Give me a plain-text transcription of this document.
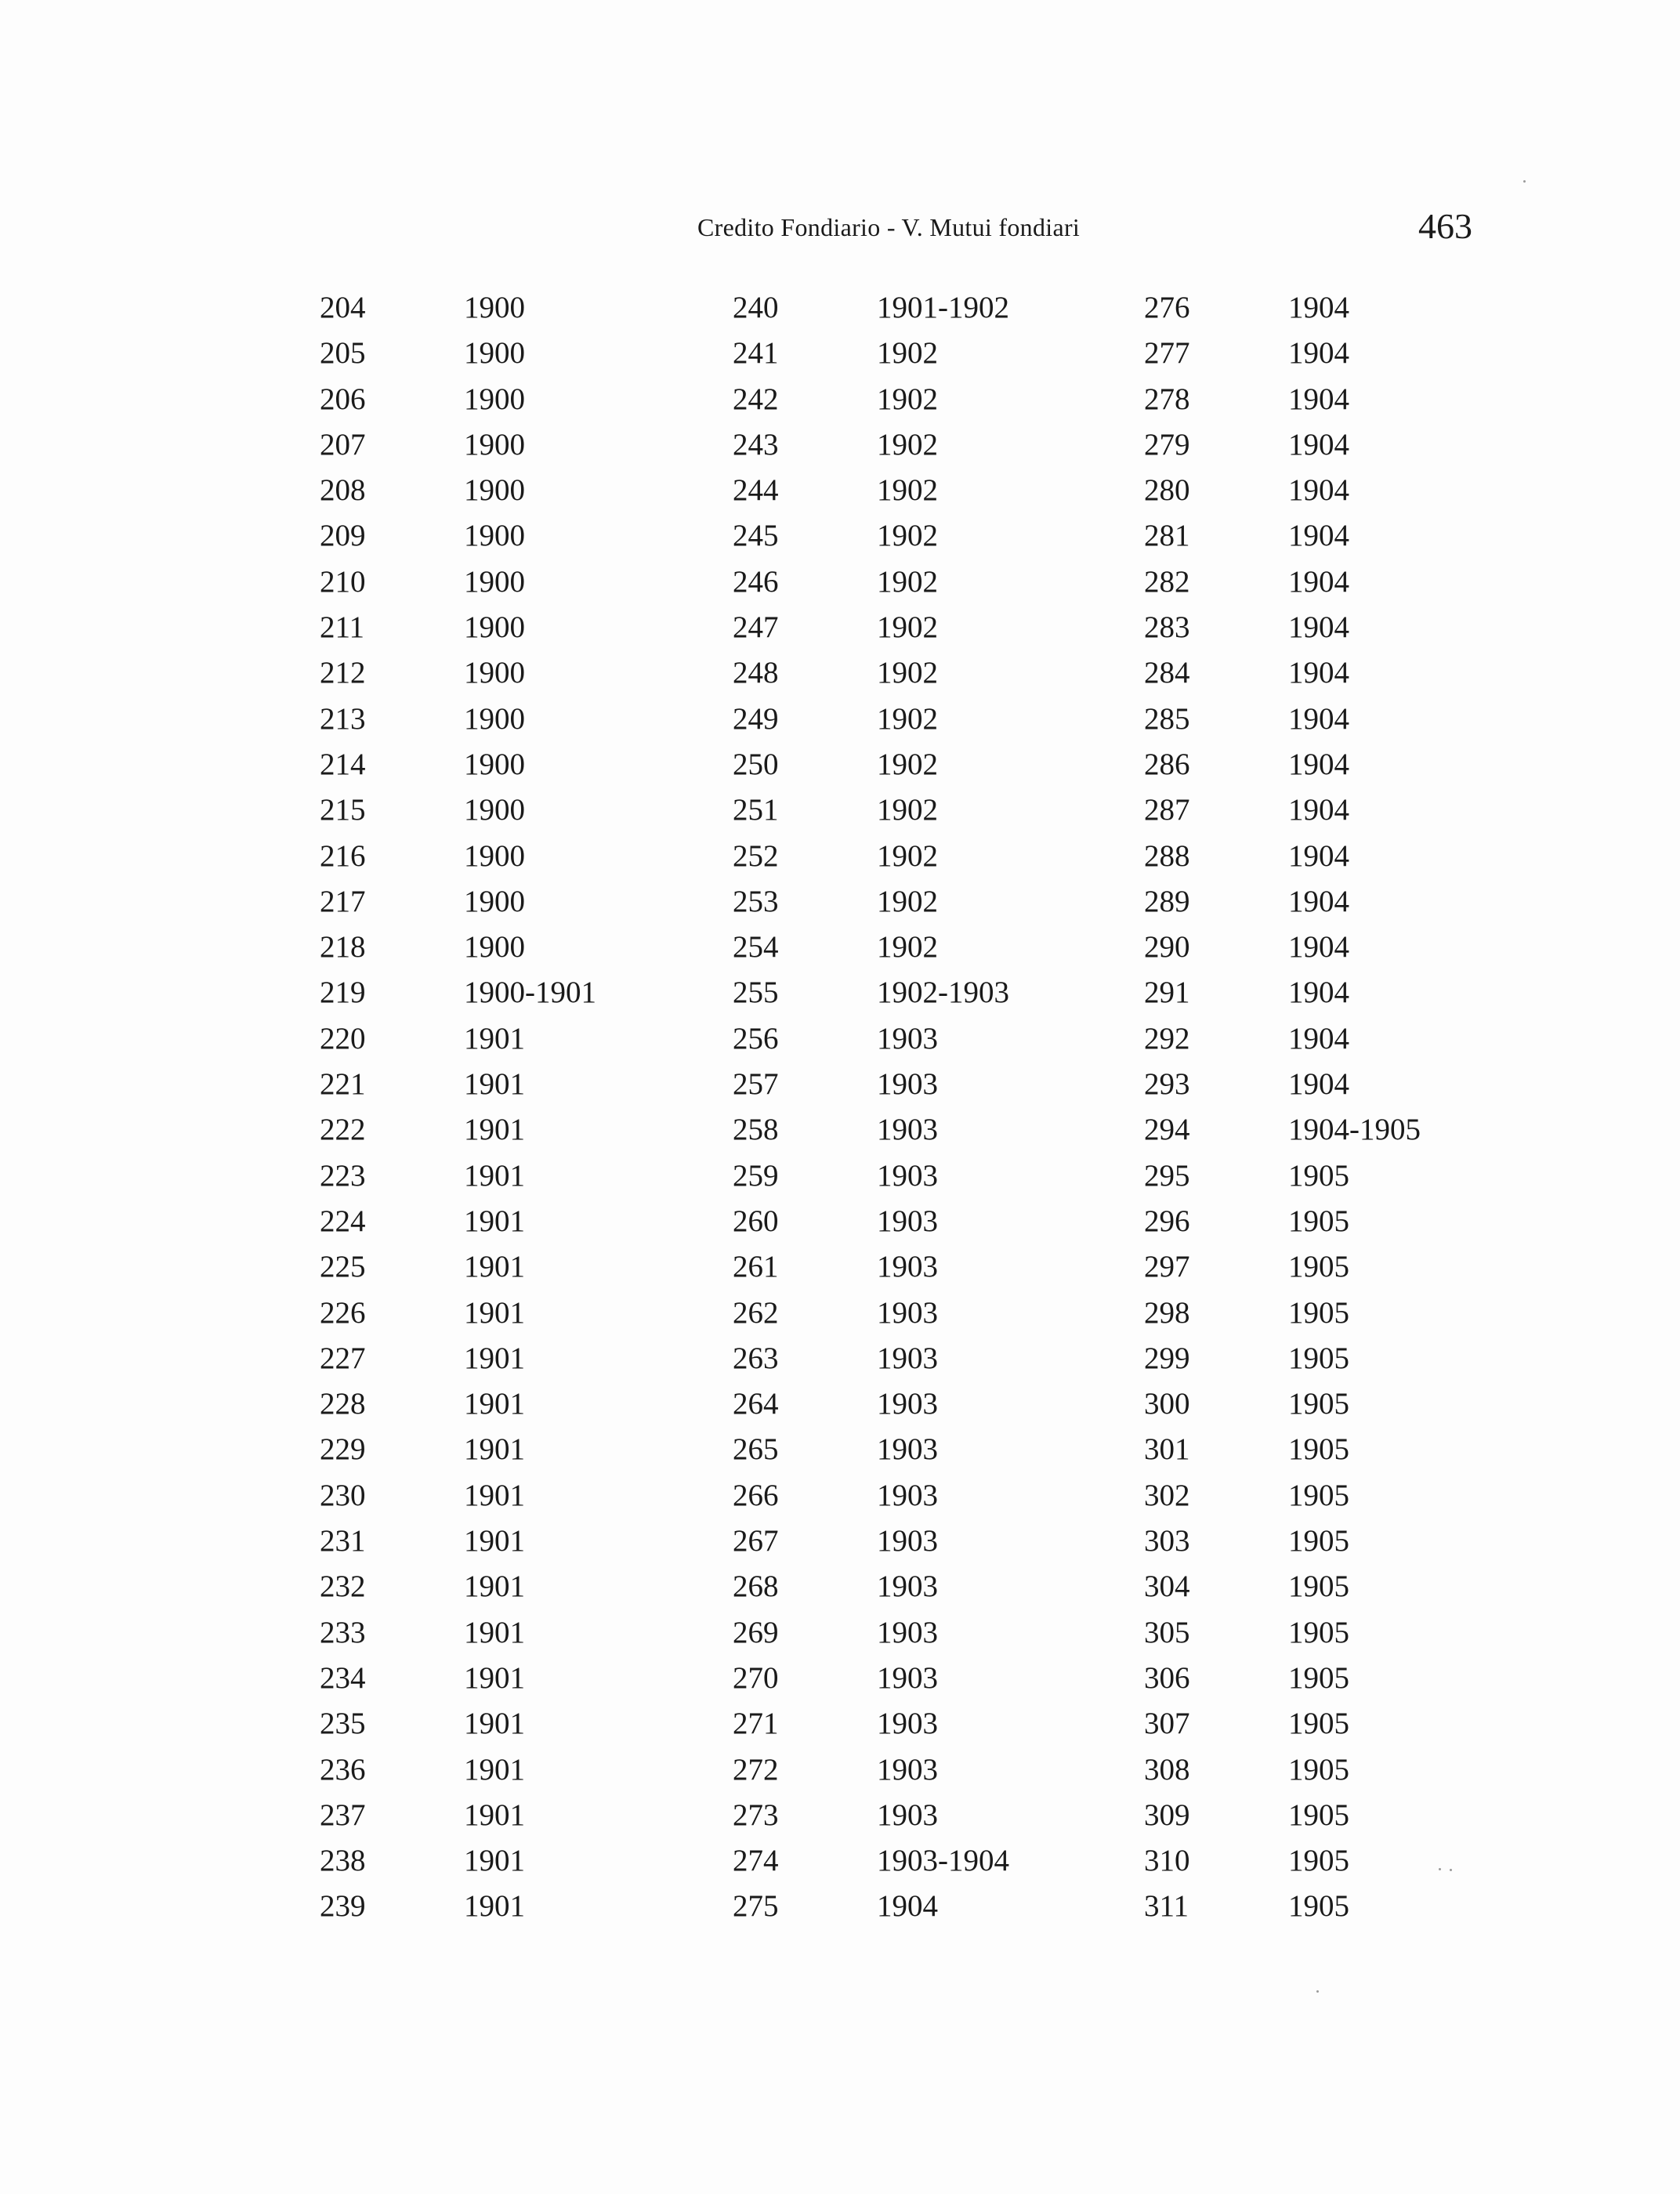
Credito Fondiario - V. Mutui fondiari	463
204	1900
205	1900
206	1900
207	1900
208	1900
209	1900
210	1900
211	1900
212	1900
213	1900
214	1900
215	1900
216	1900
217	1900
218	1900
219	1900-1901
220	1901
221	1901
222	1901
223	1901
224	1901
225	1901
226	1901
227	1901
228	1901
229	1901
230	1901
231	1901
232	1901
233	1901
234	1901
235	1901
236	1901
237	1901
238	1901
239	1901
240	1901-1902
241	1902
242	1902
243	1902
244	1902
245	1902
246	1902
247	1902
248	1902
249	1902
250	1902
251	1902
252	1902
253	1902
254	1902
255	1902-1903
256	1903
257	1903
258	1903
259	1903
260	1903
261	1903
262	1903
263	1903
264	1903
265	1903
266	1903
267	1903
268	1903
269	1903
270	1903
271	1903
272	1903
273	1903
274	1903-1904
275	1904
276	1904
277	1904
278	1904
279	1904
280	1904
281	1904
282	1904
283	1904
284	1904
285	1904
286	1904
287	1904
288	1904
289	1904
290	1904
291	1904
292	1904
293	1904
294	1904-1905
295	1905
296	1905
297	1905
298	1905
299	1905
300	1905
301	1905
302	1905
303	1905
304	1905
305	1905
306	1905
307	1905
308	1905
309	1905
310	1905
311	1905
